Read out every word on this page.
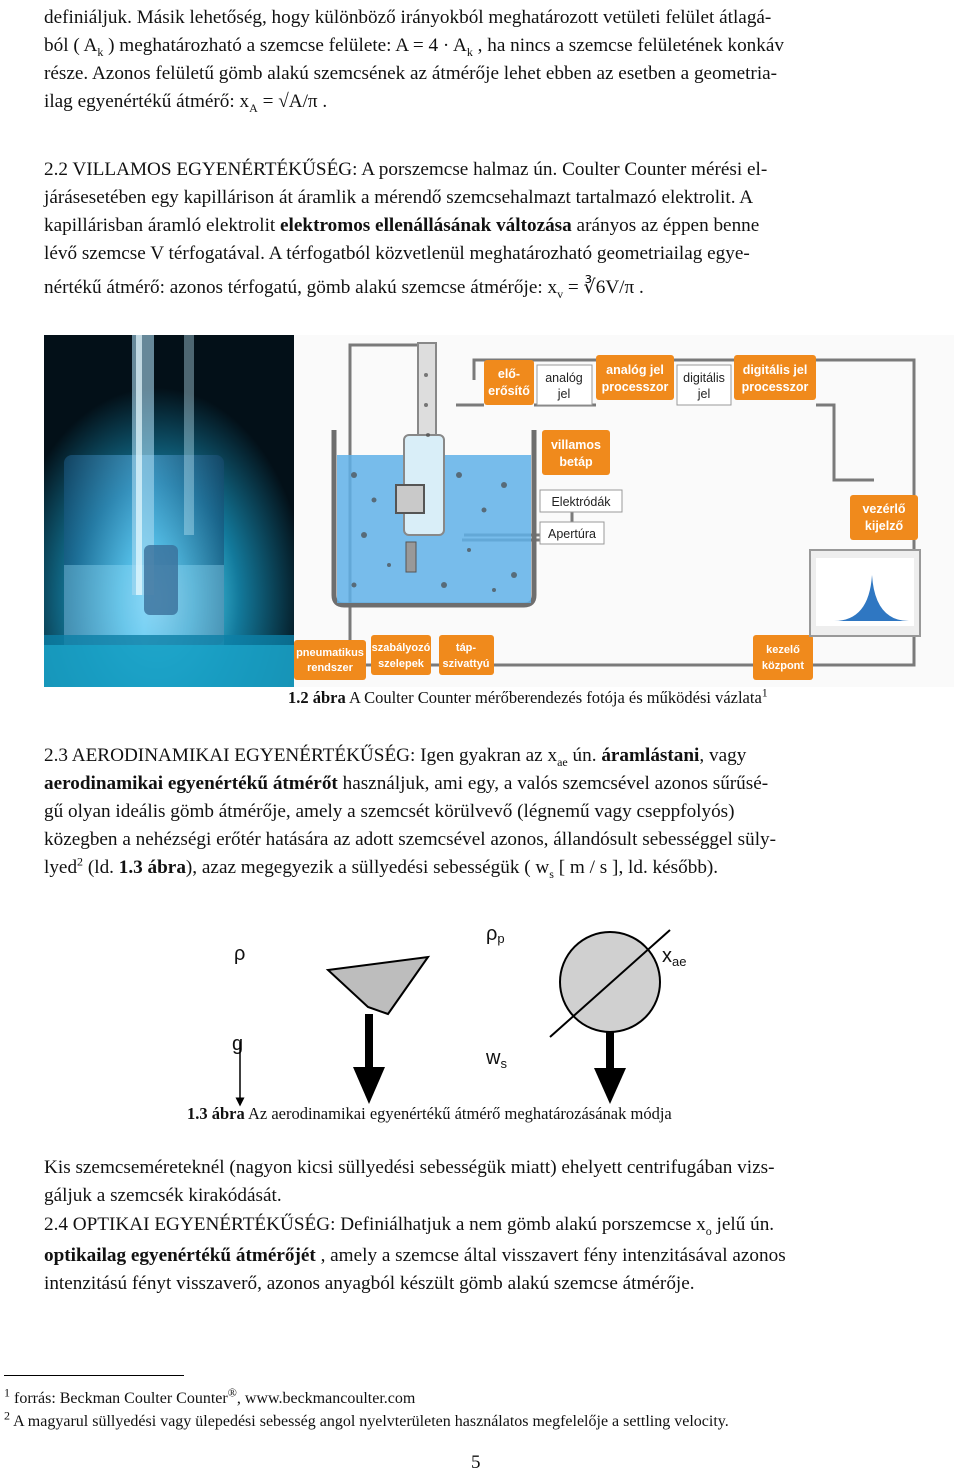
definiáljuk. Másik lehetőség, hogy különböző irányokból meghatározott vetületi felület átlagá-
ból ( $A_k$ ) meghatározható a szemcse felülete: $A = 4 \cdot A_k$ , ha nincs a szemcse felületének konkáv
része. Azonos felületű gömb alakú szemcsének az átmérője lehet ebben az esetben a geometria-
ilag egyenértékű átmérő: $x_A = √A/\pi$ .
2.2 VILLAMOS EGYENÉRTÉKŰSÉG: A porszemcse halmaz ún. Coulter Counter mérési el-
járásesetében egy kapillárison át áramlik a mérendő szemcsehalmazt tartalmazó elektrolit. A
kapillárisban áramló elektrolit elektromos ellenállásának változása arányos az éppen benne
lévő szemcse V térfogatával. A térfogatból közvetlenül meghatározható geometriailag egye-
nértékű átmérő: azonos térfogatú, gömb alakú szemcse átmérője: $x_v$ = ∛6V/π .
elő-
erősítő
analóg jel
processzor
digitális jel
processzor
villamos
betáp
vezérlő
kijelző
pneumatikus
rendszer
szabályozó
szelepek
táp-
szivattyú
kezelő
központ
analóg
jel
digitális
jel
Elektródák
Apertúra
1.2 ábra A Coulter Counter mérőberendezés fotója és működési vázlata$^1$
2.3 AERODINAMIKAI EGYENÉRTÉKŰSÉG: Igen gyakran az $x_{ae}$ ún. áramlástani, vagy
aerodinamikai egyenértékű átmérőt használjuk, ami egy, a valós szemcsével azonos sűrűsé-
gű olyan ideális gömb átmérője, amely a szemcsét körülvevő (légnemű vagy cseppfolyós)
közegben a nehézségi erőtér hatására az adott szemcsével azonos, állandósult sebességgel süly-
lyed$^2$ (ld. 1.3 ábra), azaz megegyezik a süllyedési sebességük ( $w_s$ [ m / s ], ld. később).
ρ
ρp
$x_{ae}$
g
$w_s$
1.3 ábra Az aerodinamikai egyenértékű átmérő meghatározásának módja
Kis szemcseméreteknél (nagyon kicsi süllyedési sebességük miatt) ehelyett centrifugában vizs-
gáljuk a szemcsék kirakódását.
2.4 OPTIKAI EGYENÉRTÉKŰSÉG: Definiálhatjuk a nem gömb alakú porszemcse $x_o$ jelű ún.
optikailag egyenértékű átmérőjét , amely a szemcse által visszavert fény intenzitásával azonos
intenzitású fényt visszaverő, azonos anyagból készült gömb alakú szemcse átmérője.
$^1$ forrás: Beckman Coulter Counter®, www.beckmancoulter.com
$^2$ A magyarul süllyedési vagy ülepedési sebesség angol nyelvterületen használatos megfelelője a settling velocity.
5
